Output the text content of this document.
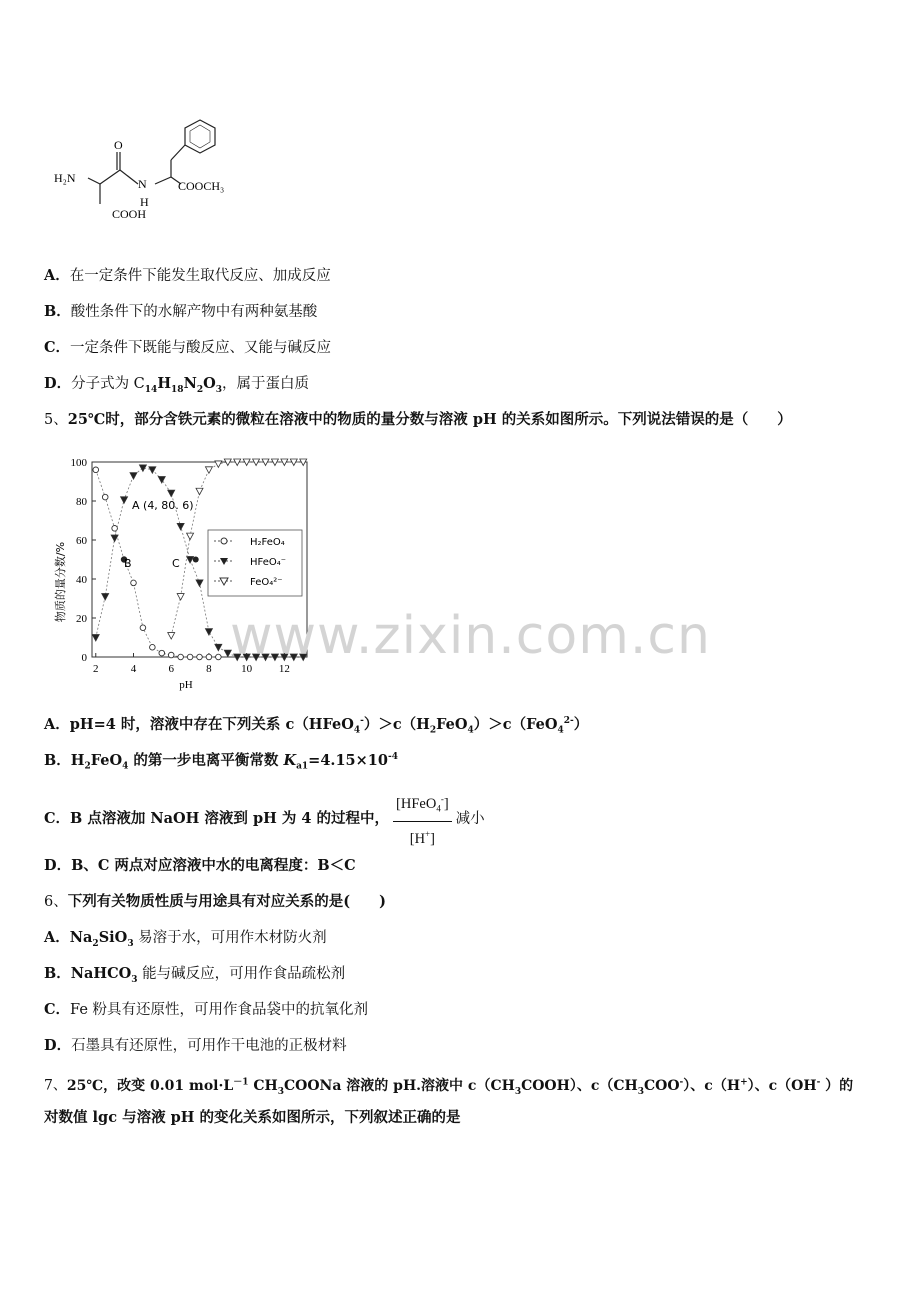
H₂N
O
N
H
COOCH₃
COOH
A．在一定条件下能发生取代反应、加成反应
B．酸性条件下的水解产物中有两种氨基酸
C．一定条件下既能与酸反应、又能与碱反应
D．分子式为 $C_{14}H_{18}N_2O_3$，属于蛋白质
5、25℃时，部分含铁元素的微粒在溶液中的物质的量分数与溶液 pH 的关系如图所示。下列说法错误的是（　　）
2	4	6	8	10 12
0
20
40
60
80
100
物质的量分数/%
pH
H₂FeO₄
HFeO₄⁻
FeO₄²⁻
A (4, 80. 6)
B	C
www.zixin.com.cn
A．pH=4 时，溶液中存在下列关系 $c(HFeO_4^-)>c(H_2FeO_4)>c(FeO_4^{2-})$
B．$H_2FeO_4$ 的第一步电离平衡常数 $K_{a1}=4.15\times 10^{-4}$
C．B 点溶液加 NaOH 溶液到 pH 为 4 的过程中， $\frac{[HFeO_4^-]}{[H^+]}$ 减小
D．B、C 两点对应溶液中水的电离程度：B＜C
6、下列有关物质性质与用途具有对应关系的是(　　)
A．$Na_2SiO_3$ 易溶于水，可用作木材防火剂
B．NaHCO$_3$ 能与碱反应，可用作食品疏松剂
C．Fe 粉具有还原性，可用作食品袋中的抗氧化剂
D．石墨具有还原性，可用作干电池的正极材料
7、25℃，改变 0.01 $mol\cdot L^{-1}$ $CH_3COONa$ 溶液的 pH.溶液中 $c(CH_3COOH)$、$c(CH_3COO^-)$、c（H+）、c（OH- ）的
对数值 lgc 与溶液 pH 的变化关系如图所示，下列叙述正确的是
